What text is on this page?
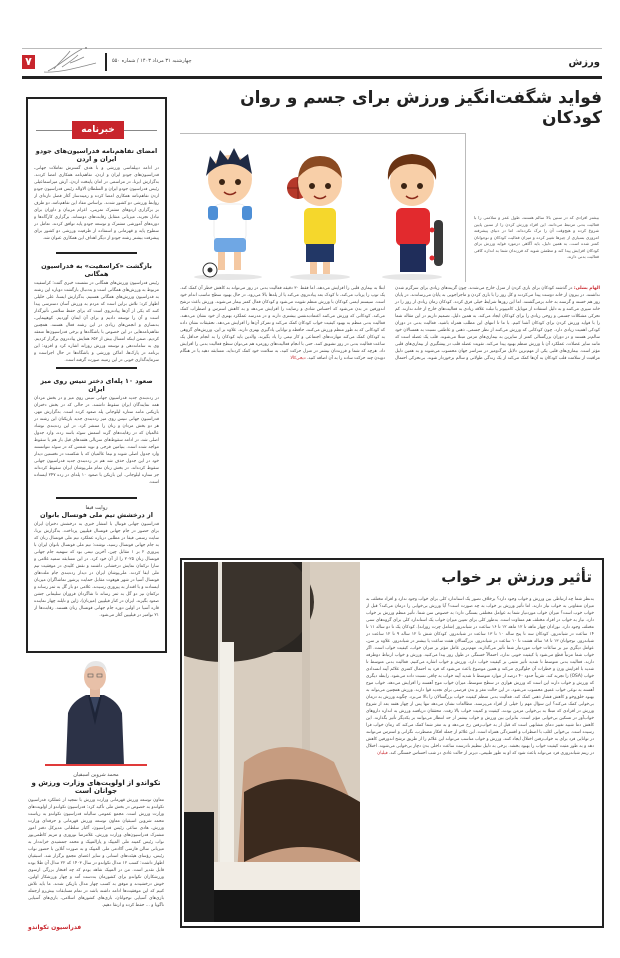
۷	چهارشنبه ۳۱ مرداد ۱۴۰۳ / شماره ۵۵۰	ورزش
فواید شگفت‌انگیز ورزش برای جسم و روان کودکان
خبرنامه
امضای تفاهم‌نامه فدراسیون‌های جودو ایران و اردن

در ادامه دیپلماسی ورزشی و با هدف گسترش تعاملات جهانی، فدراسیون‌های جودو ایران و اردن، تفاهم‌نامه همکاری امضا کردند. به‌گزارش ایرنا، در مراسمی در امان پایتخت اردن، آرش میراسماعیلی رئیس فدراسیون جودو ایران و السلطان الاواله رئیس فدراسیون جودو اردن تفاهم‌نامه همکاری امضا کرده و زمینه‌ساز آغاز فصل تازه‌ای از روابط ورزشی دو کشور شدند. براساس مفاد این تفاهم‌نامه، دو طرف بر برگزاری اردوهای مشترک تمرینی، اعزام مربیان و داوران برای تبادل تجربه، میزبانی متقابل رقابت‌های دوستانه، برگزاری کارگاه‌ها و دوره‌های آموزشی مشترک و توسعه جودو پایه توافق کردند. تعامل در سطوح پایه و قهرمانی و استفاده از ظرفیت ورزشی دو کشور برای پیشرفت بیشتر رشته جودو از دیگر اهداف این همکاری عنوان شد.

بازگشت «کراسفیت» به فدراسیون همگانی

رئیس فدراسیون ورزش‌های همگانی در نشست خبری گفت: کراسفیت مربوط به ورزش‌های همگانی است و به‌دنبال بازگشت دوباره این رشته به فدراسیون ورزش‌های همگانی هستیم. به‌گزارش ایسنا، علی خلیلی اظهار کرد: تلاش براین است که مردم به ورزش آسان دسترسی پیدا کنند که یکی از آن‌ها پیاده‌روی است که برای حفظ سلامتی تأثیرگذار است و آن را توسعه دادیم و برای آن ایمان آوردیم. کوهپیمایی، بدنسازی و انجمن‌های زیادی در این رشته فعال هستند. همچنین تفاهم‌نامه‌هایی در این خصوص با باشگاه‌ها و برخی فدراسیون‌ها منعقد کردیم. ضمن اینکه امسال بیش از ۶۵۲ همایش پیاده‌روی برگزار کردیم. وی به سامانه‌دهی و توسعه ورزش روزانه اشاره کرد و افزود: این برنامه در پارک‌ها، اماکن ورزشی و باشگاه‌ها در حال اجراست و سرمایه‌گذاری خوبی در این زمینه صورت گرفته است.

صعود ۱۰ پله‌ای دختر تنیس روی میز ایران

در رده‌بندی جدید فدراسیون جهانی تنیس روی میز و در بخش مردان همه نمایندگان ایران سقوط داشتند. در حالی که در بخش دختران بازیکنی مانند ستاره لیلوجانی پله صعود کرده است. به‌گزارش مهر، فدراسیون جهانی تنیس روی میز رده‌بندی جدید بازیکنان این رشته در هر دو بخش مردان و زنان را منتشر کرد. در این رده‌بندی نوشاد عالمیان که در رقابت‌های گرند اسمش سوئد باسه رده، وارد جدول اصلی شد، در ادامه سقوط‌های سریالی هفته‌های قبل باز هم با سقوط مواجه شده است. بنیامین فرجی و نوید شمس که در سوئد نتوانستند وارد جدول اصلی شوند و نیما عالمیان که با شکست در نخستین دیدار خود در این جدول حذف شد هم در رده‌بندی جدید فدراسیون جهانی سقوط کرده‌اند. در بخش زنان تمام ملی‌پوشان ایران سقوط کرده‌اند جز ستاره لیلوجانی. این بازیکن با صعود ۱۰ پله‌ای در رده ۲۴۷ ایستاده است.

روایت فیفا
از درخشش تیم ملی فوتسال بانوان

فدراسیون جهانی فوتبال با انتشار خبری به درخشش دختران ایران برای حضور در جام جهانی فوتسال فیلیپین پرداخت. به‌گزارش برنا، سایت رسمی فیفا در مطلبی درباره عملکرد تیم ملی فوتسال زنان که به جام جهانی فوتسال رسید، نوشت: تیم ملی فوتسال بانوان ایران با پیروزی ۲ بر ۱ مقابل چین، آخرین تیمی بود که سهمیه جام جهانی فوتسال زنان ۲۰۲۵ را از آن خود کرد. در این مسابقه سمیه غلامی و سارا ترکمان نمایش درخشانی داشتند و نقش کلیدی در موفقیت تیم ملی ایفا کردند. ملی‌پوشان ایران در دیدار رده‌بندی جام ملت‌های فوتسال آسیا در شهر هوهوت مقابل حمایت پرشور تماشاگران میزبان ایستادند و با اقتدار به پیروزی رسیدند. غلامی دو بار گل به ثمر رساند و ترکمان نیز دو گل به ثمر رساند تا شاگردان فروزان سلیمانی جشن صعود بگیرند. ایران در کنار فیلیپین (میزبان)، ژاپن و تایلند چهار نماینده قاره آسیا در اولین دوره جام جهانی فوتسال زنان هستند. رقابت‌ها از ۲۱ نوامبر در فیلیپین آغاز می‌شود.

محمد شروین اسبقیان
تکواندو از اولویت‌های وزارت ورزش و جوانان است

معاون توسعه ورزش قهرمانی وزارت ورزش با تمجید از عملکرد فدراسیون تکواندو به خصوص در بخش ملی تأکید کرد: فدراسیون تکواندو از اولویت‌های وزارت ورزش است. مجمع عمومی سالیانه فدراسیون تکواندو به ریاست محمد شروین اسبقیان معاون توسعه ورزش قهرمانی و حرفه‌ای وزارت ورزش، هادی ساعی رئیس فدراسیون، آکبار سلطانی مدیرکل دفتر امور مشترک فدراسیون‌های وزارت ورزش، غلامرضا نوروزی و مریم کاظمی‌پور نواب رئیس کمیته ملی المپیک و پارالمپیک و محمد جمشیدی خزانه‌دار به میزبانی سالن فارسی آکادمی ملی المپیک و به صورت آنلاین با حضور نواب رئیس، رؤسای هیئت‌های استانی و سایر اعضای مجمع برگزار شد. اسبقیان اظهار داشت: کسب ۱۲ مدال تکواندو در سال ۱۴۰۳ که ۲۲ مدال آن طلا بوده قابل تقدیر است. من در المپیک شاهد بودم که چه افتخار بزرگی ارسوی ورزشکاران تکواندو برای کشورمان به‌دست آمد و چهار ورزشکار اولین، خوش درخشیدند و موفق به کسب چهار مدال بازیکن شدند. ما باید تلاش کنیم که این موفقیت‌ها ادامه داشته باشد در تمام مسابقات بیش‌رو ازجمله بازی‌های آسیایی نوجوانان، بازی‌های کشورهای اسلامی، بازی‌های آسیایی ناگویا و ... حفظ کرده و ارتقا دهیم.

فدراسیون تکواندو
بیشتر افرادی که در سنین بالا سالم هستند، طول عمر و سلامتی را با فعالیت بدنی مرتبط می‌دانند. این افراد ورزش کردن را از سنین پایین شروع کرده و هیچ‌وقت آن را ترک نکرده‌اند. اما در دنیای پیشرفته امروزی بسیاری از چیزها تغییر کرده و میزان فعالیت کودکان و نوجوانان کمتر شده است. به همین دلیل، باید آگاهی درمورد فواید ورزش برای کودکان افزایش پیدا کند و مطمئن شوید که فرزندان شما به اندازه کافی فعالیت بدنی دارند.
الهام بشلی: در گذشته کودکان برای بازی کردن از منزل خارج می‌شدند. چون گزینه‌های زیادی برای سرگرم شدن نداشتند. در بیرون از خانه دوست پیدا می‌کردند و کل روز را با بازی کردن و ماجراجویی به پایان می‌رساندند. در پایان روز هم خسته و گرسنه به خانه برمی‌گشتند. اما این روزها شرایط خیلی فرق کرده. کودکان زمان زیادی از روز را در خانه سپری می‌کنند و به دلیل استفاده از موبایل، کامپیوتر یا تبلت علاقه زیادی به فعالیت‌های خارج از خانه ندارند. کم تحرکی مشکلات جسمی و روحی زیادی را برای کودکان ایجاد می‌کند. به همین دلیل، تصمیم داریم در این مقاله شما را با فواید ورزش کردن برای کودکان آشنا کنیم. با ما تا انتهای این مطلب همراه باشید. فعالیت بدنی در دوران کودکی اهمیت زیادی دارد. چون کودکانی که ورزش می‌کنند از نظر جسمی، ذهنی و عاطفی نسبت به همسالان خود سالم‌تر هستند و در دوران بزرگسالی کمتر از سایرین به بیماری‌های مزمن مبتلا می‌شوند. قلب یک عضله است که مانند سایر عضلات، عملکرد آن با ورزش منظم بهبود پیدا می‌کند. تقویت عضله قلب در پیشگیری از بیماری‌های قلبی مؤثر است. بیماری‌های قلبی یکی از مهم‌ترین دلایل مرگ‌ومیر در سراسر جهان محسوب می‌شوند و به همین دلیل مراقبت از سلامت قلب کودکان به آن‌ها کمک می‌کند از یک زندگی طولانی و سالم برخوردار شوند. بی‌تحرکی احتمال ابتلا به بیماری قلبی را افزایش می‌دهد، اما فقط ۳۰ دقیقه فعالیت بدنی در روز می‌تواند به کاهش خطر آن کمک کند. یک توپ را پرتاب می‌کند، تا کودک بعد پیاده‌روی می‌کند یا از پله‌ها بالا می‌رود، در حال بهبود سطح تناسب اندام خود است. سیستم ایمنی کودکان با ورزش منظم تقویت می‌شود و کودکان فعال کمتر بیمار می‌شوند. ورزش باعث ترشح اندورفین در بدن می‌شود که احساس شادی و رضایت را افزایش می‌دهد و به کاهش استرس و اضطراب کمک می‌کند. کودکانی که ورزش می‌کنند اعتمادبه‌نفس بیشتری دارند و در مدرسه عملکرد بهتری از خود نشان می‌دهند. فعالیت بدنی منظم به بهبود کیفیت خواب کودکان کمک می‌کند و تمرکز آن‌ها را افزایش می‌دهد. تحقیقات نشان داده که کودکانی که به طور منظم ورزش می‌کنند، حافظه و توانایی یادگیری بهتری دارند. علاوه بر این، ورزش‌های گروهی به کودکان کمک می‌کند مهارت‌های اجتماعی و کار تیمی را یاد بگیرند. والدین باید کودکان را به انجام حداقل یک ساعت فعالیت بدنی در روز تشویق کنند. حتی با انجام فعالیت‌های روزمره هم می‌توان سطح فعالیت بدنی را افزایش داد. هرچه که شما و فرزندتان بیشتر در منزل حرکت کنید، به سلامت خود کمک کرده‌اید. مسابقه دهید یا در هنگام دویدن چند حرکت ساده را به آن اضافه کنید. دیجی‌کالا
تأثیر ورزش بر خواب
به‌نظر شما چه ارتباطی بین ورزش و خواب وجود دارد؟ برخلاف تصور یک استاندارد کلی برای خواب وجود ندارد و افراد مختلف به میزان متفاوتی به خواب نیاز دارند. اما تأثیر ورزش بر خواب به چه صورت است؟ آیا ورزش بی‌خوابی را درمان می‌کند؟ قبل از خواب خوب است؟ میزان خواب موردنیاز شما به عوامل مختلفی بستگی دارد؛ به خصوص سن شما. تأثیر منظم ورزش بر خواب دارد. نیاز به خواب در افراد مختلف هم متفاوت است. به‌طور کلی برای تعیین میزان خواب یک استاندارد کلی برای گروه‌های سنی مختلف وجود دارد. نوزادان چهار ماهه تا ۱۲ ماهه ۱۲ تا ۱۶ ساعت در شبانه‌روز (شامل چرت روزانه). کودکان یک تا دو ساله ۱۱ تا ۱۴ ساعت در شبانه‌روز. کودکان سه تا پنج ساله ۱۰ تا ۱۳ ساعت در شبانه‌روز. کودکان شش تا ۱۲ ساله ۹ تا ۱۲ ساعت در شبانه‌روز. نوجوانان ۱۳ تا ۱۸ ساله هشت تا ۱۰ ساعت در شبانه‌روز. بزرگسالان هفت ساعت یا بیشتر در شبانه‌روز. علاوه بر سن، عوامل دیگری نیز بر ساعات خواب موردنیاز شما تأثیر می‌گذارند. مهم‌ترین عامل مؤثر بر میزان خواب، کیفیت خواب است. اگر خواب شما مرتباً قطع می‌شود یا کیفیت خوبی ندارد، احتمالاً خستگی در طول روز پیدا می‌کنید. ورزش و خواب ارتباط دوطرفه دارند. فعالیت بدنی متوسط تا شدید تأثیر مثبتی بر کیفیت خواب دارد. ورزش و خواب اشاره می‌کنیم. فعالیت بدنی متوسط تا شدید با افزایش وزن و خطرات آن جلوگیری می‌کند و همین موضوع باعث می‌شود که فرد به احتمال کمتری علائم آپنه انسدادی خواب (OSA) را تجربه کند. تقریباً حدود ۴۰ درصد از موارد متوسط تا شدید آپنه خواب به چاقی نسبت داده می‌شود. رابطه دیگری که ورزش و خواب دارند این است که ورزش هوازی در سطح متوسط، میزان خواب موج آهسته را افزایش می‌دهد. خواب موج آهسته به نوعی خواب عمیق محسوب می‌شود. در این حالت مغز و بدن فرصتی برای تجدید قوا دارند. ورزش همچنین می‌تواند به بهبود خلق‌وخو و کاهش فشار ذهنی کمک کند. فعالیت بدنی منظم کیفیت خواب بزرگسالان را بالا می‌برد. چگونه ورزش به درمان بی‌خوابی کمک می‌کند؟ این سؤال مهم را خیلی از افراد می‌پرسند. مطالعات نشان می‌دهد تنها پس از چهار هفته بعد از شروع ورزش در افرادی که مبتلا به بی‌خوابی مزمن بودند، کیفیت و کمیت خواب بالا رفت. محققان دریافتند ورزش به اندازه داروهای خواب‌آور در تسکین بی‌خوابی مؤثر است. بنابراین بین ورزش و خواب بیشتر از حد انتظار می‌توانند بر یکدیگر تأثیر بگذارند. این کاهش دما شبیه تغییر دمای مشابهی است که قبل از به خواب‌رفتن رخ می‌دهد و به مغز شما کمک می‌کند که زمان خواب فرا رسیده است. بی‌خوابی اغلب با اضطراب و افسردگی همراه است. این علائم از جمله افکار مضطرب، نگرانی و استرس می‌توانند در توانایی فرد برای به خواب‌رفتن اختلال ایجاد کنند. ورزش و خواب مناسب می‌تواند این علائم را از طریق ترشح اندورفین کاهش دهد و به طور مثبت کیفیت خواب را بهبود بخشد. برخی به دلیل تنظیم نادرست ساعت داخلی بدن دچار بی‌خوابی می‌شوند. اختلال در ریتم شبانه‌روزی فرد می‌تواند باعث شود که او به طور طبیعی، دیرتر از حالت عادی در شب احساس خستگی کند. فیلیان
